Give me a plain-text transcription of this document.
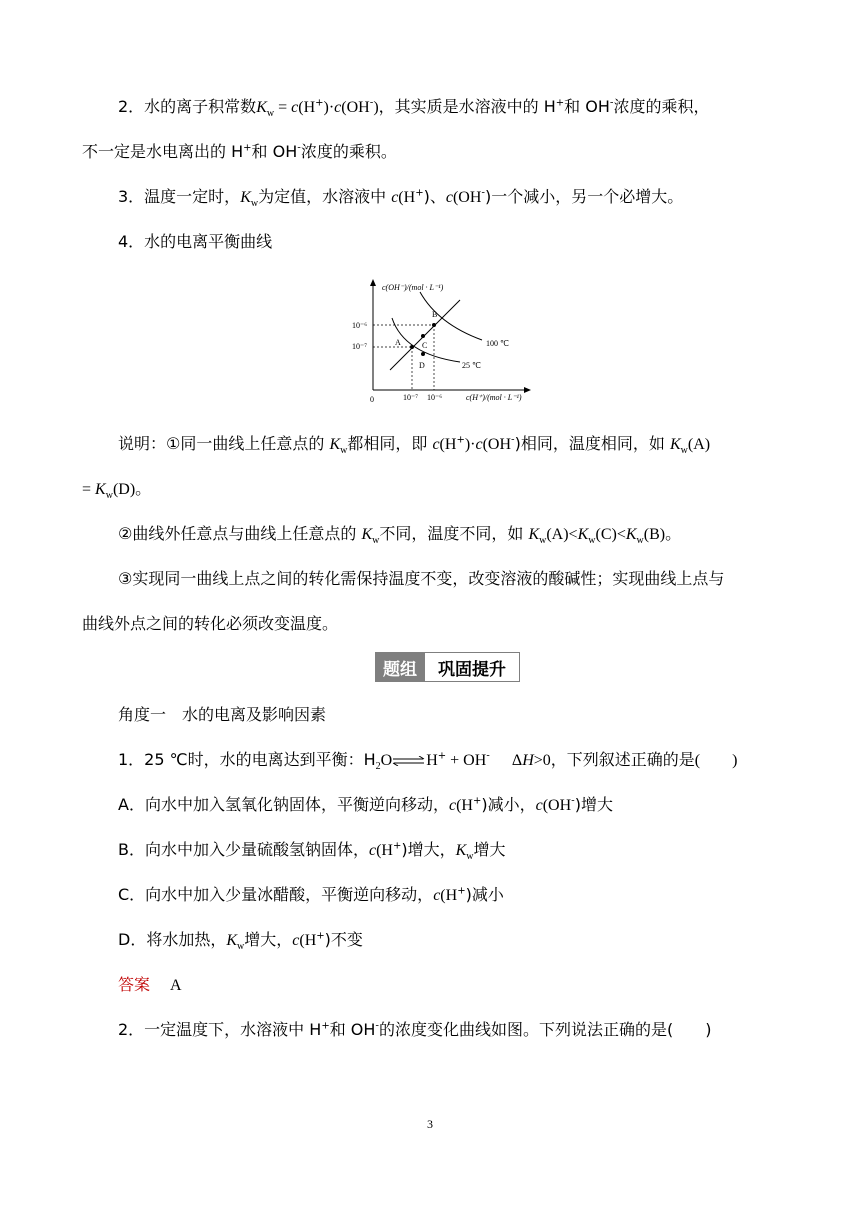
2．水的离子积常数$K_w = c(H^+)\cdot c(OH^-)$，其实质是水溶液中的 H+和 OH-浓度的乘积，
不一定是水电离出的 H+和 OH-浓度的乘积。
3．温度一定时，$K_w$为定值，水溶液中 c(H+)、c(OH-)一个减小，另一个必增大。
4．水的电离平衡曲线
c(OH⁻)/(mol · L⁻¹)
c(H⁺)/(mol · L⁻¹)
0
10⁻⁶
10⁻⁷
10⁻⁷ 10⁻⁶
A
B
C
D
100 ℃
25 ℃
说明：①同一曲线上任意点的 $K_w$都相同，即 c(H+)·c(OH-)相同，温度相同，如 $K_w(A)$
= $K_w(D)$。
②曲线外任意点与曲线上任意点的 $K_w$不同，温度不同，如 $K_w(A)<K_w(C)<K_w(B)$。
③实现同一曲线上点之间的转化需保持温度不变，改变溶液的酸碱性；实现曲线上点与
曲线外点之间的转化必须改变温度。
题组	巩固提升
角度一　水的电离及影响因素
1．25 ℃时，水的电离达到平衡：$H_2O\rightleftharpoons H^+ + OH^-$ ΔH>0，下列叙述正确的是(　　)
A．向水中加入氢氧化钠固体，平衡逆向移动，c(H+)减小，c(OH-)增大
B．向水中加入少量硫酸氢钠固体，c(H+)增大，$K_w$增大
C．向水中加入少量冰醋酸，平衡逆向移动，c(H+)减小
D．将水加热，$K_w$增大，c(H+)不变
答案 A
2．一定温度下，水溶液中 H+和 OH-的浓度变化曲线如图。下列说法正确的是(　　)
3
